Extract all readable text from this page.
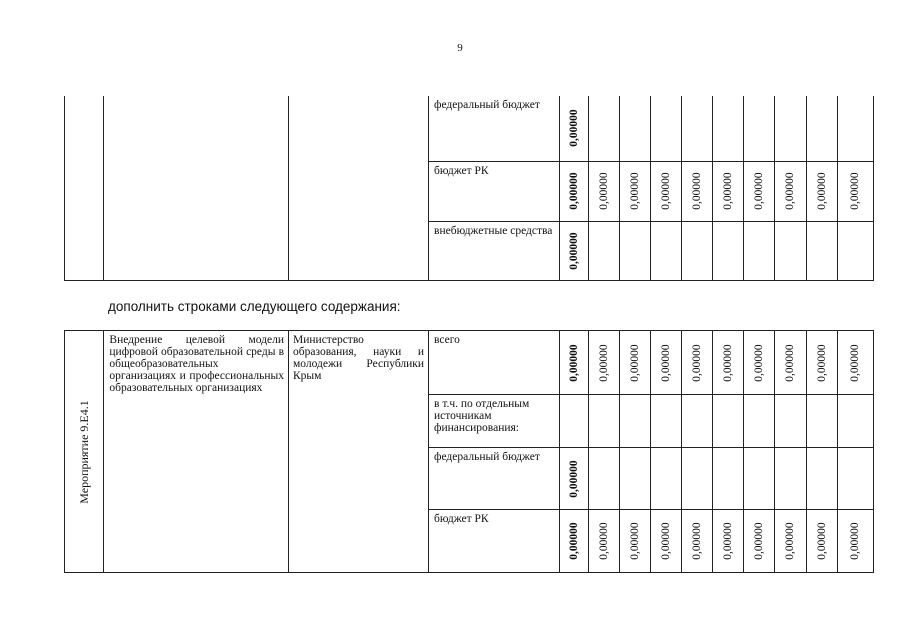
9
			федеральный бюджет	0,00000									

			бюджет РК	0,00000	0,00000	0,00000	0,00000	0,00000	0,00000	0,00000	0,00000	0,00000	0,00000

			внебюджетные средства	0,00000									

дополнить строками следующего содержания:
Мероприятие 9.Е4.1	Внедрение целевой модели цифровой образовательной среды в общеобразовательных организациях и профессиональных образовательных организациях	Министерство образования, науки и молодежи Республики Крым	всего	0,00000	0,00000	0,00000	0,00000	0,00000	0,00000	0,00000	0,00000	0,00000	0,00000

			в т.ч. по отдельным источникам финансирования:	

			федеральный бюджет	0,00000									

			бюджет РК	0,00000	0,00000	0,00000	0,00000	0,00000	0,00000	0,00000	0,00000	0,00000	0,00000
